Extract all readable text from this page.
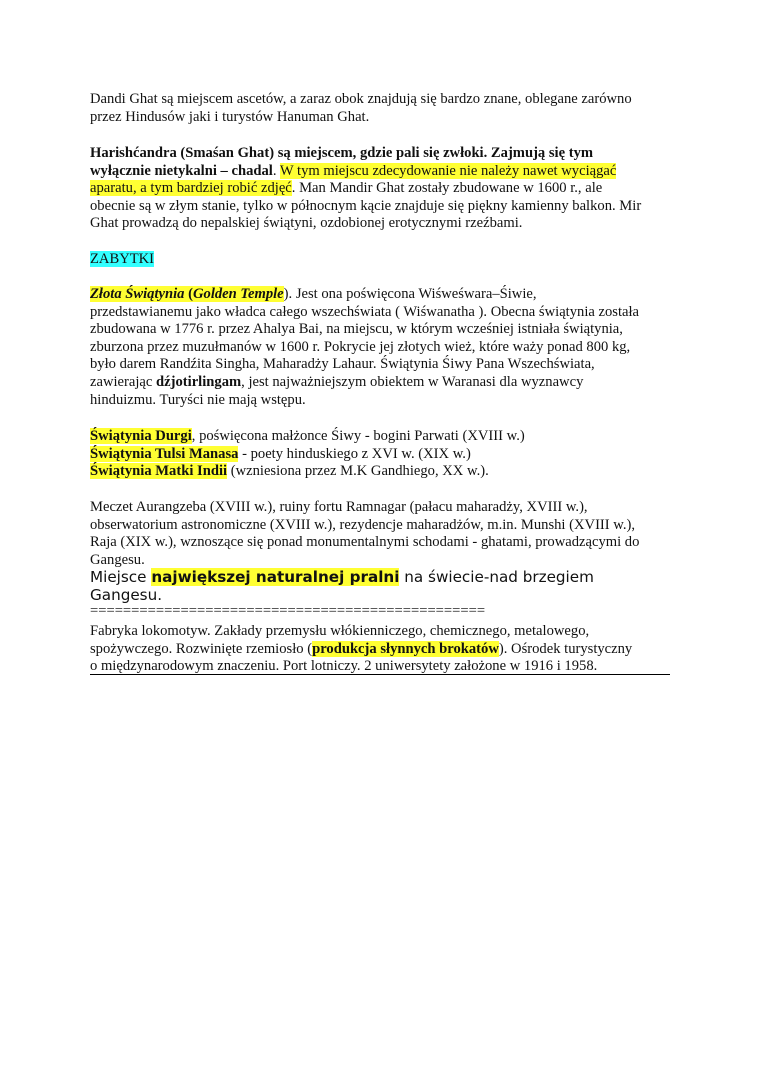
Dandi Ghat są miejscem ascetów, a zaraz obok znajdują się bardzo znane, oblegane zarówno

przez Hindusów jaki i turystów Hanuman Ghat.

Harishćandra (Smaśan Ghat) są miejscem, gdzie pali się zwłoki. Zajmują się tym

wyłącznie nietykalni – chadal. W tym miejscu zdecydowanie nie należy nawet wyciągać

aparatu, a tym bardziej robić zdjęć. Man Mandir Ghat zostały zbudowane w 1600 r., ale

obecnie są w złym stanie, tylko w północnym kącie znajduje się piękny kamienny balkon. Mir

Ghat prowadzą do nepalskiej świątyni, ozdobionej erotycznymi rzeźbami.

ZABYTKI

Złota Świątynia (Golden Temple). Jest ona poświęcona Wiśweśwara–Śiwie,

przedstawianemu jako władca całego wszechświata ( Wiśwanatha ). Obecna świątynia została

zbudowana w 1776 r. przez Ahalya Bai, na miejscu, w którym wcześniej istniała świątynia,

zburzona przez muzułmanów w 1600 r. Pokrycie jej złotych wież, które waży ponad 800 kg,

było darem Randźita Singha, Maharadży Lahaur. Świątynia Śiwy Pana Wszechświata,

zawierając dźjotirlingam, jest najważniejszym obiektem w Waranasi dla wyznawcy

hinduizmu. Turyści nie mają wstępu.

Świątynia Durgi, poświęcona małżonce Śiwy - bogini Parwati (XVIII w.)

Świątynia Tulsi Manasa - poety hinduskiego z XVI w. (XIX w.)

Świątynia Matki Indii (wzniesiona przez M.K Gandhiego, XX w.).

Meczet Aurangzeba (XVIII w.), ruiny fortu Ramnagar (pałacu maharadży, XVIII w.),

obserwatorium astronomiczne (XVIII w.), rezydencje maharadżów, m.in. Munshi (XVIII w.),

Raja (XIX w.), wznoszące się ponad monumentalnymi schodami - ghatami, prowadzącymi do

Gangesu.

Miejsce największej naturalnej pralni na świecie-nad brzegiem

Gangesu.

================================================

Fabryka lokomotyw. Zakłady przemysłu włókienniczego, chemicznego, metalowego,

spożywczego. Rozwinięte rzemiosło (produkcja słynnych brokatów). Ośrodek turystyczny

o międzynarodowym znaczeniu. Port lotniczy. 2 uniwersytety założone w 1916 i 1958.
